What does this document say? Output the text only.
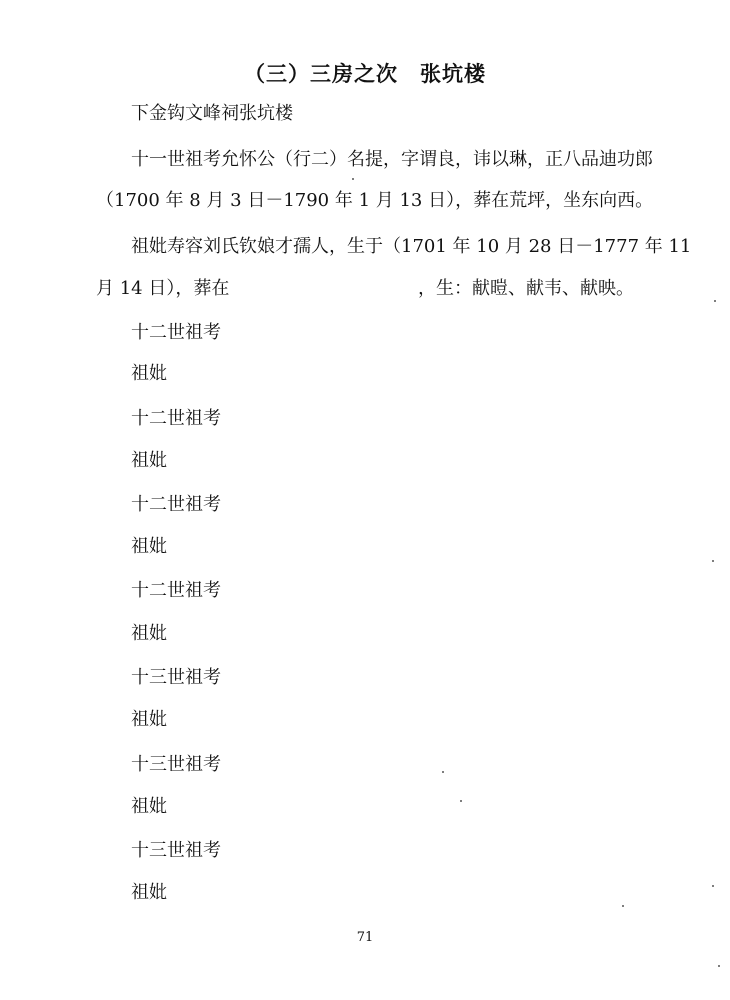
（三）三房之次　张坑楼
下金钩文峰祠张坑楼
十一世祖考允怀公（行二）名提，字谓良，讳以琳，正八品迪功郎
（1700 年 8 月 3 日－1790 年 1 月 13 日），葬在荒坪，坐东向西。
祖妣寿容刘氏钦娘才孺人，生于（1701 年 10 月 28 日－1777 年 11
月 14 日），葬在	，生：献暟、献韦、献映。
十二世祖考
祖妣
十二世祖考
祖妣
十二世祖考
祖妣
十二世祖考
祖妣
十三世祖考
祖妣
十三世祖考
祖妣
十三世祖考
祖妣
71
